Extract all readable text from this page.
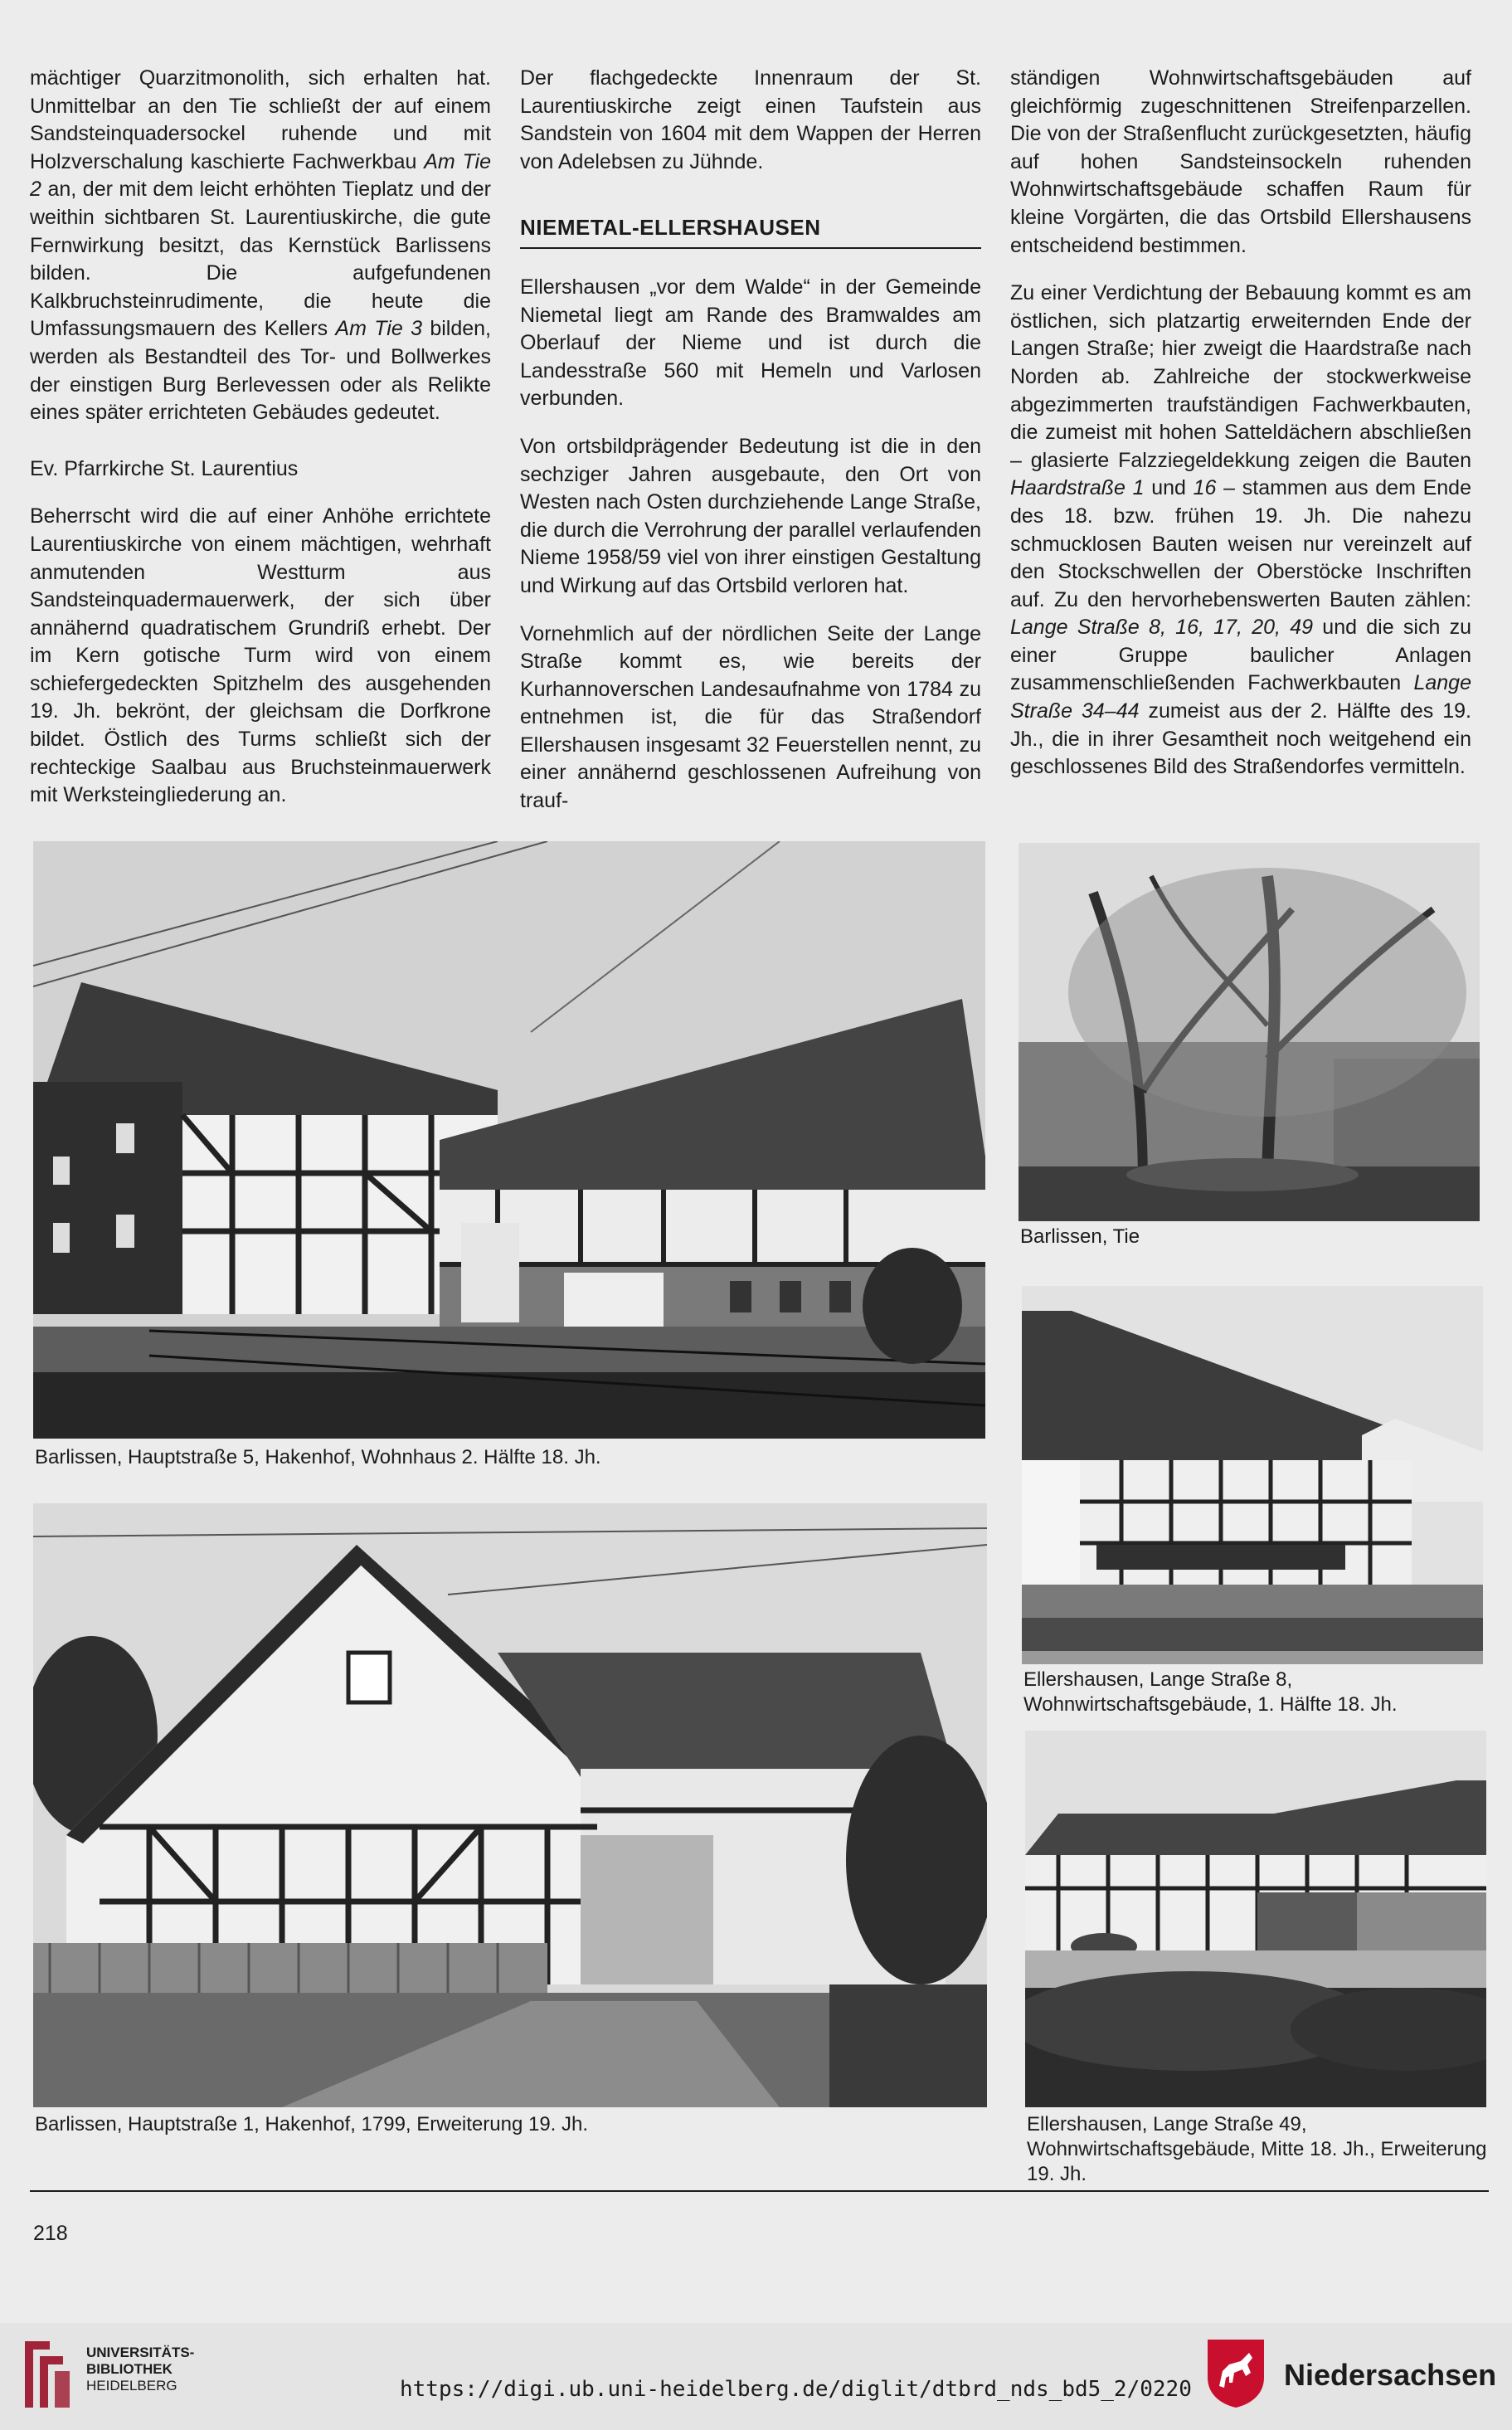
mächtiger Quarzitmonolith, sich erhalten hat. Unmittelbar an den Tie schließt der auf einem Sandsteinquadersockel ruhende und mit Holzverschalung kaschierte Fachwerkbau Am Tie 2 an, der mit dem leicht erhöhten Tieplatz und der weithin sichtbaren St. Laurentiuskirche, die gute Fernwirkung besitzt, das Kernstück Barlissens bilden. Die aufgefundenen Kalkbruchsteinrudimente, die heute die Umfassungsmauern des Kellers Am Tie 3 bilden, werden als Bestandteil des Tor- und Bollwerkes der einstigen Burg Berlevessen oder als Relikte eines später errichteten Gebäudes gedeutet.

Ev. Pfarrkirche St. Laurentius

Beherrscht wird die auf einer Anhöhe errichtete Laurentiuskirche von einem mächtigen, wehrhaft anmutenden Westturm aus Sandsteinquadermauerwerk, der sich über annähernd quadratischem Grundriß erhebt. Der im Kern gotische Turm wird von einem schiefergedeckten Spitzhelm des ausgehenden 19. Jh. bekrönt, der gleichsam die Dorfkrone bildet. Östlich des Turms schließt sich der rechteckige Saalbau aus Bruchsteinmauerwerk mit Werksteingliederung an.

Der flachgedeckte Innenraum der St. Laurentiuskirche zeigt einen Taufstein aus Sandstein von 1604 mit dem Wappen der Herren von Adelebsen zu Jühnde.

NIEMETAL-ELLERSHAUSEN

Ellershausen „vor dem Walde“ in der Gemeinde Niemetal liegt am Rande des Bramwaldes am Oberlauf der Nieme und ist durch die Landesstraße 560 mit Hemeln und Varlosen verbunden.

Von ortsbildprägender Bedeutung ist die in den sechziger Jahren ausgebaute, den Ort von Westen nach Osten durchziehende Lange Straße, die durch die Verrohrung der parallel verlaufenden Nieme 1958/59 viel von ihrer einstigen Gestaltung und Wirkung auf das Ortsbild verloren hat.

Vornehmlich auf der nördlichen Seite der Lange Straße kommt es, wie bereits der Kurhannoverschen Landesaufnahme von 1784 zu entnehmen ist, die für das Straßendorf Ellershausen insgesamt 32 Feuerstellen nennt, zu einer annähernd geschlossenen Aufreihung von trauf-

ständigen Wohnwirtschaftsgebäuden auf gleichförmig zugeschnittenen Streifenparzellen. Die von der Straßenflucht zurückgesetzten, häufig auf hohen Sandsteinsockeln ruhenden Wohnwirtschaftsgebäude schaffen Raum für kleine Vorgärten, die das Ortsbild Ellershausens entscheidend bestimmen.

Zu einer Verdichtung der Bebauung kommt es am östlichen, sich platzartig erweiternden Ende der Langen Straße; hier zweigt die Haardstraße nach Norden ab. Zahlreiche der stockwerkweise abgezimmerten traufständigen Fachwerkbauten, die zumeist mit hohen Satteldächern abschließen – glasierte Falzziegeldekkung zeigen die Bauten Haardstraße 1 und 16 – stammen aus dem Ende des 18. bzw. frühen 19. Jh. Die nahezu schmucklosen Bauten weisen nur vereinzelt auf den Stockschwellen der Oberstöcke Inschriften auf. Zu den hervorhebenswerten Bauten zählen: Lange Straße 8, 16, 17, 20, 49 und die sich zu einer Gruppe baulicher Anlagen zusammenschließenden Fachwerkbauten Lange Straße 34–44 zumeist aus der 2. Hälfte des 19. Jh., die in ihrer Gesamtheit noch weitgehend ein geschlossenes Bild des Straßendorfes vermitteln.

Barlissen, Hauptstraße 5, Hakenhof, Wohnhaus 2. Hälfte 18. Jh.
Barlissen, Tie
Ellershausen, Lange Straße 8, Wohnwirtschaftsgebäude, 1. Hälfte 18. Jh.
Barlissen, Hauptstraße 1, Hakenhof, 1799, Erweiterung 19. Jh.	Ellershausen, Lange Straße 49, Wohnwirtschaftsgebäude, Mitte 18. Jh., Erweiterung 19. Jh.
218
UNIVERSITÄTS-
BIBLIOTHEK
HEIDELBERG	https://digi.ub.uni-heidelberg.de/diglit/dtbrd_nds_bd5_2/0220	Niedersachsen
